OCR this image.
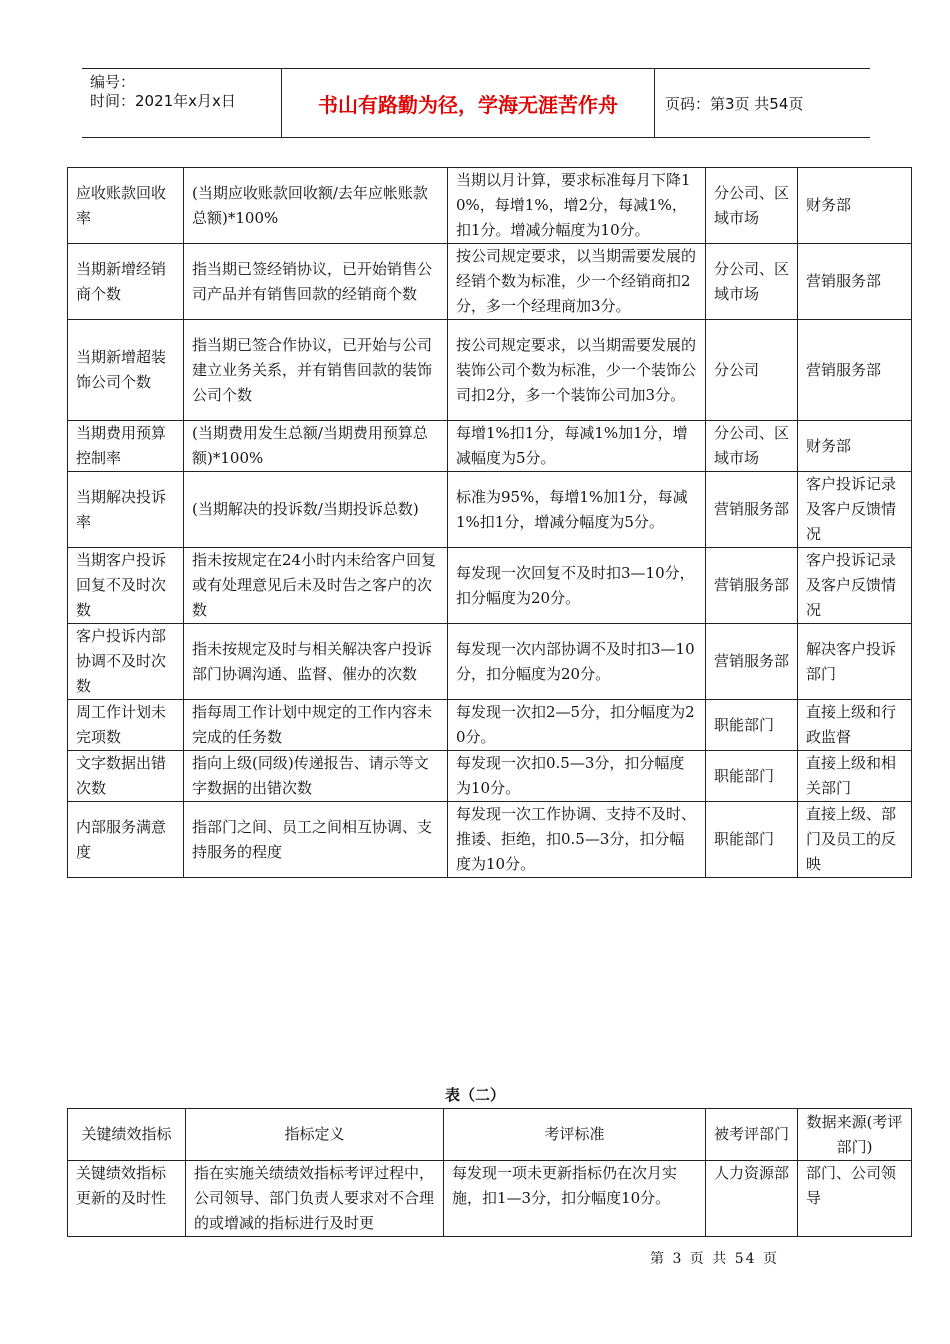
编号：
时间：2021年x月x日	书山有路勤为径，学海无涯苦作舟	页码：第3页 共54页
应收账款回收率	(当期应收账款回收额/去年应帐账款总额)*100%	当期以月计算，要求标准每月下降10%，每增1%，增2分，每减1%，扣1分。增减分幅度为10分。	分公司、区域市场	财务部
当期新增经销商个数	指当期已签经销协议，已开始销售公司产品并有销售回款的经销商个数	按公司规定要求，以当期需要发展的经销个数为标准，少一个经销商扣2分，多一个经理商加3分。	分公司、区域市场	营销服务部
当期新增超装饰公司个数	指当期已签合作协议，已开始与公司建立业务关系，并有销售回款的装饰公司个数	按公司规定要求，以当期需要发展的装饰公司个数为标准，少一个装饰公司扣2分，多一个装饰公司加3分。	分公司	营销服务部
当期费用预算控制率	(当期费用发生总额/当期费用预算总额)*100%	每增1%扣1分，每减1%加1分，增减幅度为5分。	分公司、区域市场	财务部
当期解决投诉率	(当期解决的投诉数/当期投诉总数)	标准为95%，每增1%加1分，每减1%扣1分，增减分幅度为5分。	营销服务部	客户投诉记录及客户反馈情况
当期客户投诉回复不及时次数	指未按规定在24小时内未给客户回复或有处理意见后未及时告之客户的次数	每发现一次回复不及时扣3—10分，扣分幅度为20分。	营销服务部	客户投诉记录及客户反馈情况
客户投诉内部协调不及时次数	指未按规定及时与相关解决客户投诉部门协调沟通、监督、催办的次数	每发现一次内部协调不及时扣3—10分，扣分幅度为20分。	营销服务部	解决客户投诉部门
周工作计划未完项数	指每周工作计划中规定的工作内容未完成的任务数	每发现一次扣2—5分，扣分幅度为20分。	职能部门	直接上级和行政监督
文字数据出错次数	指向上级(同级)传递报告、请示等文字数据的出错次数	每发现一次扣0.5—3分，扣分幅度为10分。	职能部门	直接上级和相关部门
内部服务满意度	指部门之间、员工之间相互协调、支持服务的程度	每发现一次工作协调、支持不及时、推诿、拒绝，扣0.5—3分，扣分幅度为10分。	职能部门	直接上级、部门及员工的反映
表（二）
关键绩效指标	指标定义	考评标准	被考评部门	数据来源(考评部门)
关键绩效指标更新的及时性	指在实施关绩绩效指标考评过程中，公司领导、部门负责人要求对不合理的或增减的指标进行及时更	每发现一项未更新指标仍在次月实施，扣1—3分，扣分幅度10分。	人力资源部	部门、公司领导
第 3 页 共 54 页
